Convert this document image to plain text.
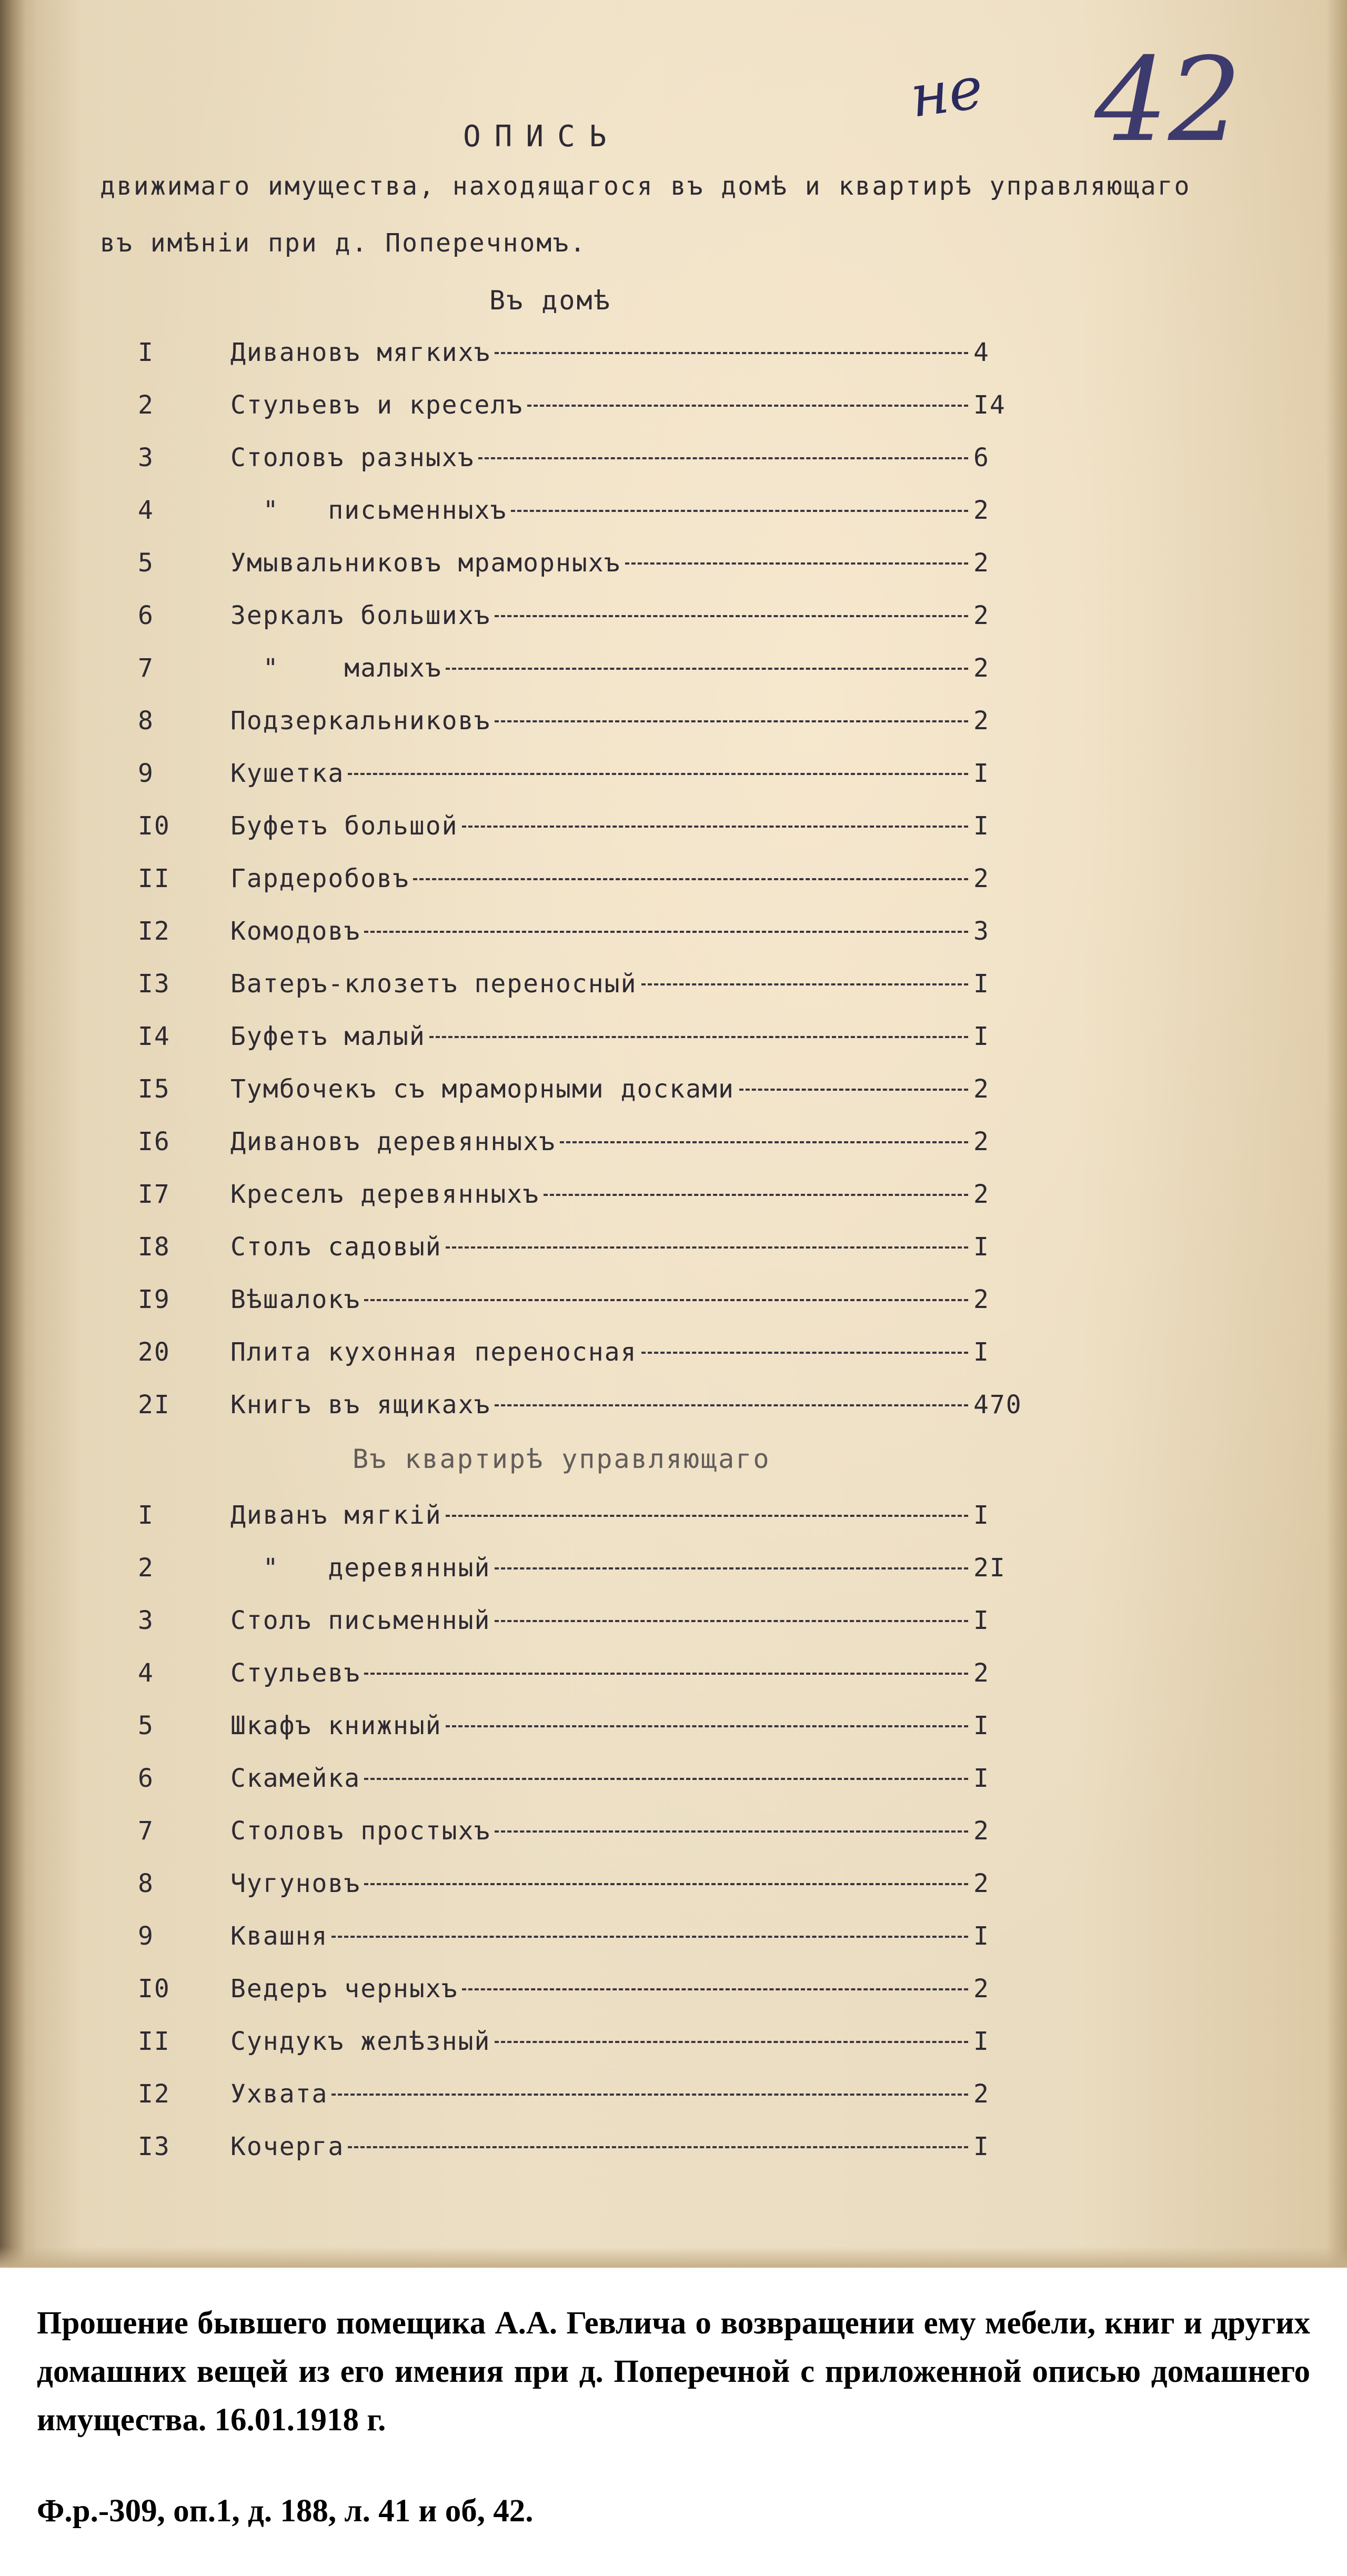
ОПИСЬ
движимаго имущества, находящагося въ домѣ и квартирѣ управляющаго
въ имѣнiи при д. Поперечномъ.
не 42
Въ домѣ
I	Дивановъ мягкихъ	4
2	Стульевъ и креселъ	I4
3	Столовъ разныхъ	6
4	"   письменныхъ	2
5	Умывальниковъ мраморныхъ	2
6	Зеркалъ большихъ	2
7	"    малыхъ	2
8	Подзеркальниковъ	2
9	Кушетка	I
I0 Буфетъ большой	I
II Гардеробовъ	2
I2 Комодовъ	3
I3 Ватеръ-клозетъ переносный	I
I4 Буфетъ малый	I
I5 Тумбочекъ съ мраморными досками	2
I6 Дивановъ деревянныхъ	2
I7 Креселъ деревянныхъ	2
I8 Столъ садовый	I
I9 Вѣшалокъ	2
20 Плита кухонная переносная	I
2I Книгъ въ ящикахъ	470
Въ квартирѣ управляющаго
I	Диванъ мягкiй	I
2	"   деревянный	2I
3	Столъ письменный	I
4	Стульевъ	2
5	Шкафъ книжный	I
6	Скамейка	I
7	Столовъ простыхъ	2
8	Чугуновъ	2
9	Квашня	I
I0 Ведеръ черныхъ	2
II Сундукъ желѣзный	I
I2 Ухвата	2
I3 Кочерга	I
Прошение бывшего помещика А.А. Гевлича о возвращении ему мебели, книг и других домашних вещей из его имения при д. Поперечной с приложенной описью домашнего имущества. 16.01.1918 г.
Ф.р.-309, оп.1, д. 188, л. 41 и об, 42.
